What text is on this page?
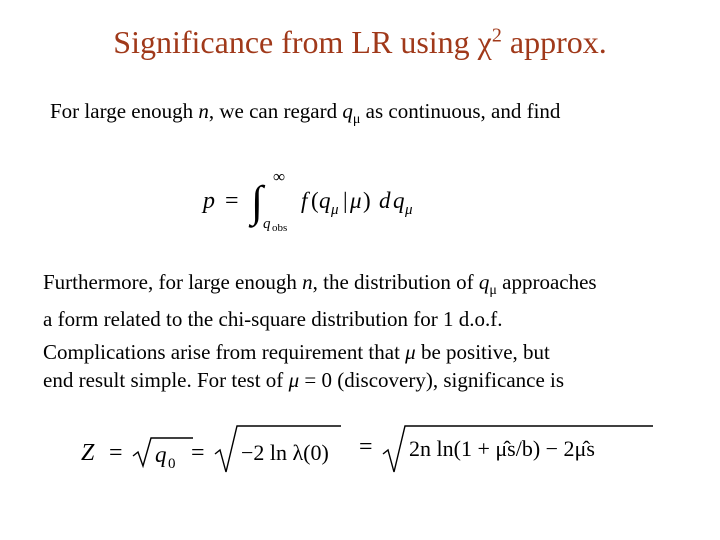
Significance from LR using $\chi^2$ approx.

For large enough n, we can regard $q_\mu$ as continuous, and find

p = ∫
∞
q obs
f ( q μ | μ ) d q μ

Furthermore, for large enough n, the distribution of $q_\mu$ approaches
a form related to the chi-square distribution for 1 d.o.f.

Complications arise from requirement that μ be positive, but
end result simple. For test of μ = 0 (discovery), significance is

Z = q 0 = −2 ln λ(0) = 2n ln(1 + μ̂s/b) − 2μ̂s
